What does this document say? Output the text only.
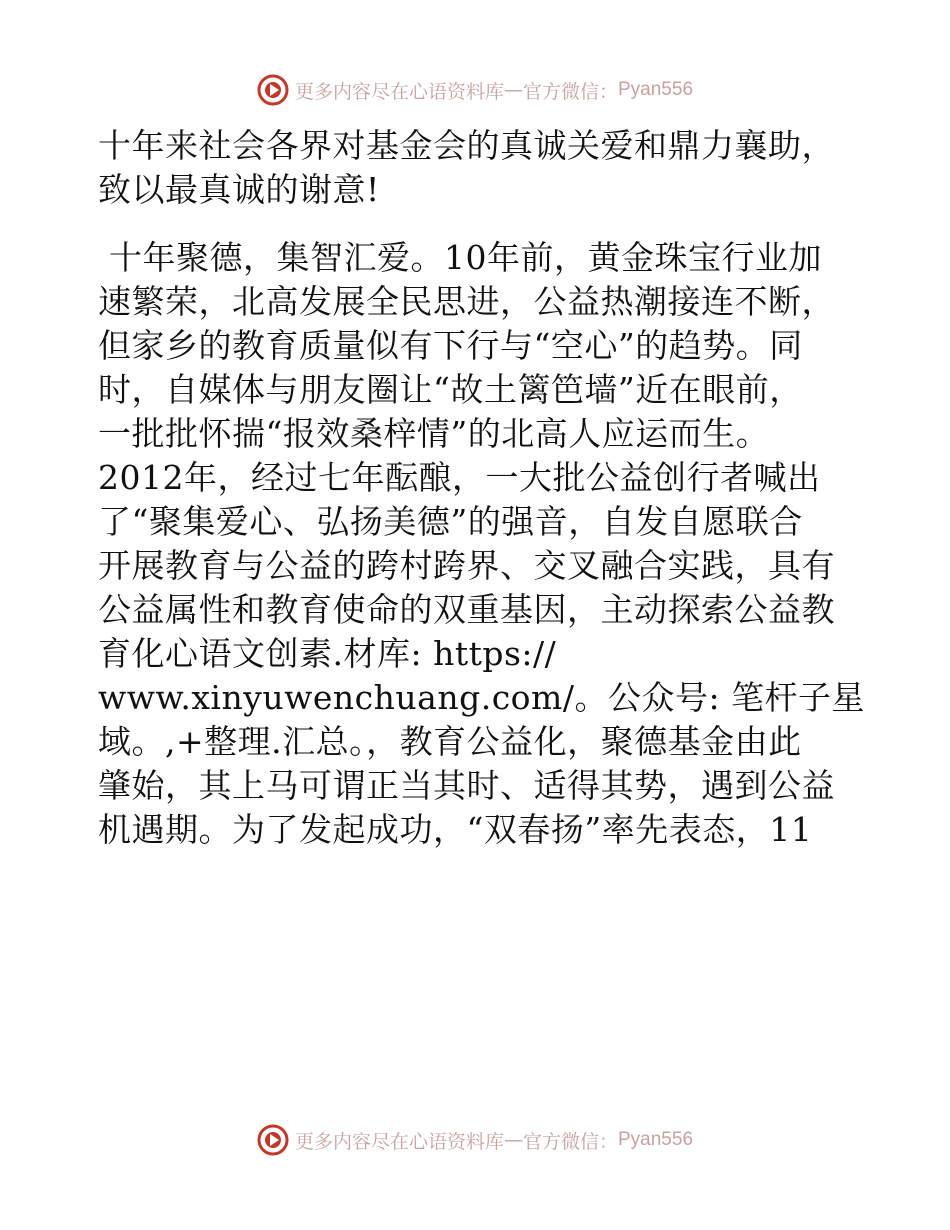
更多内容尽在心语资料库 — 官方微信： Pyan556
十年来社会各界对基金会的真诚关爱和鼎力襄助，
致以最真诚的谢意!
十年聚德，集智汇爱。10年前，黄金珠宝行业加
速繁荣，北高发展全民思进，公益热潮接连不断，
但家乡的教育质量似有下行与“空心”的趋势。同
时，自媒体与朋友圈让“故土篱笆墙”近在眼前，
一批批怀揣“报效桑梓情”的北高人应运而生。
2012年，经过七年酝酿，一大批公益创行者喊出
了“聚集爱心、弘扬美德”的强音，自发自愿联合
开展教育与公益的跨村跨界、交叉融合实践，具有
公益属性和教育使命的双重基因，主动探索公益教
育化心语文创素.材库: https://
www.xinyuwenchuang.com/。公众号: 笔杆子星
域。,+整理.汇总。，教育公益化，聚德基金由此
肇始，其上马可谓正当其时、适得其势，遇到公益
机遇期。为了发起成功，“双春扬”率先表态，11
更多内容尽在心语资料库 — 官方微信： Pyan556
